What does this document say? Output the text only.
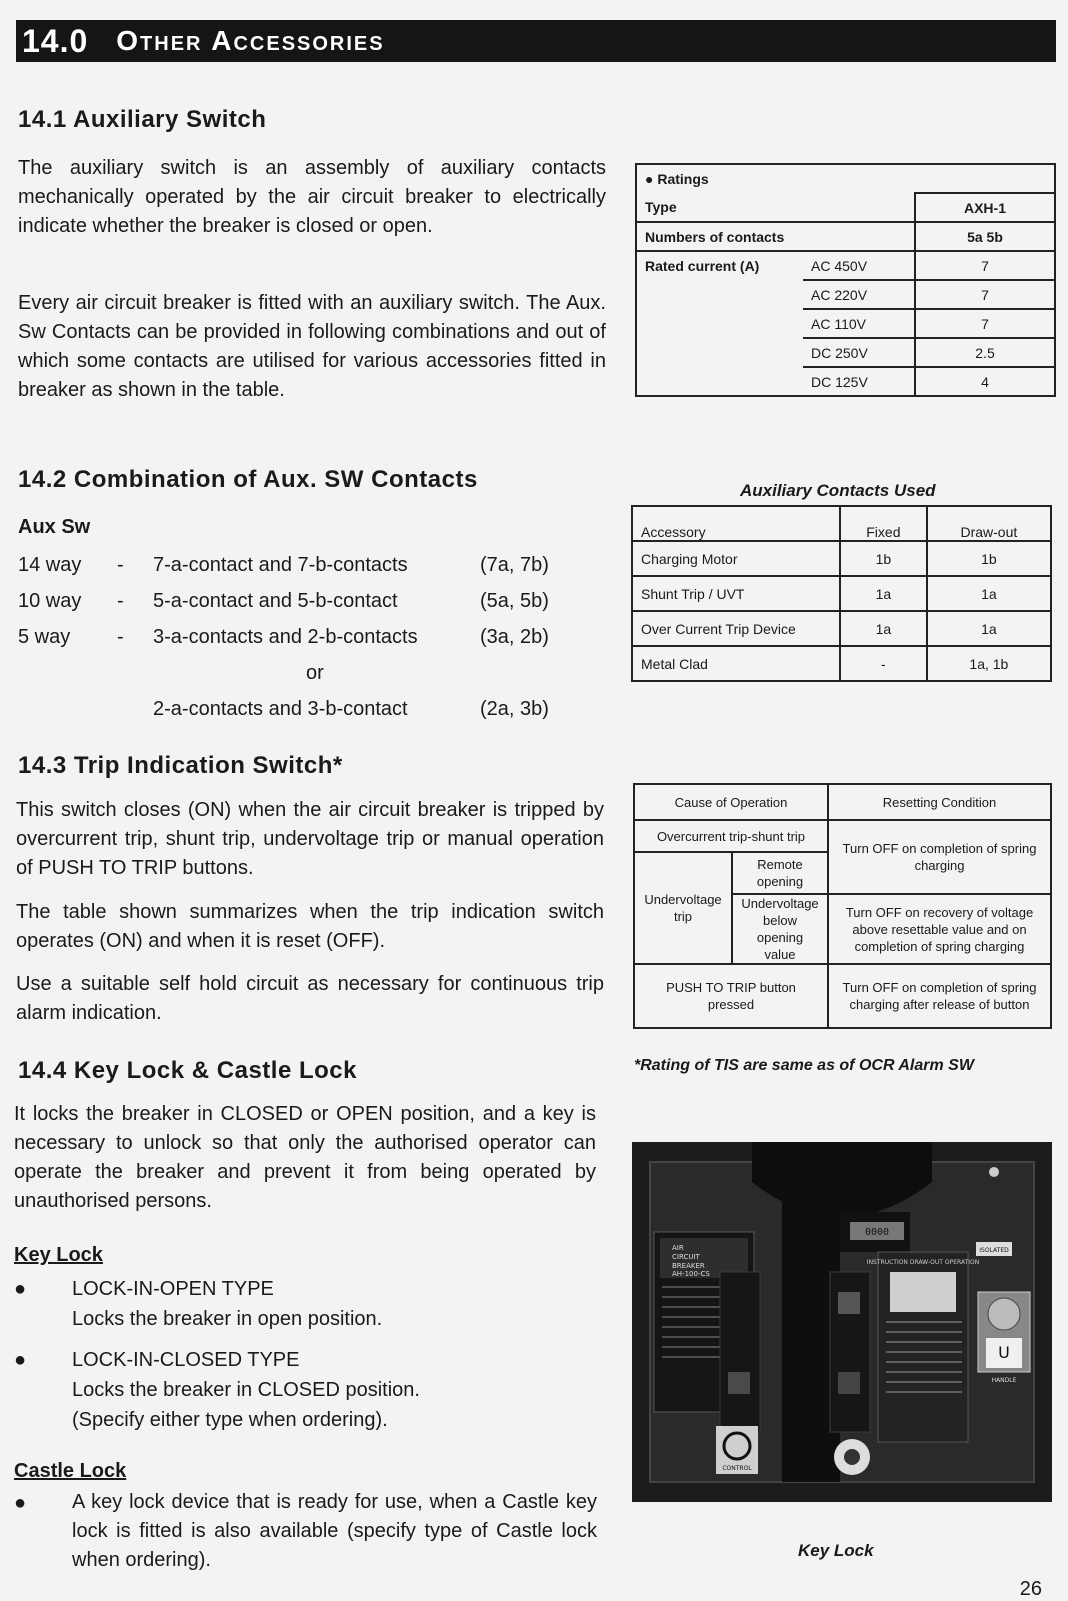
14.0 Other Accessories
14.1 Auxiliary Switch
The auxiliary switch is an assembly of auxiliary contacts mechanically operated by the air circuit breaker to electrically indicate whether the breaker is closed or open.
Every air circuit breaker is fitted with an auxiliary switch. The Aux. Sw Contacts can be provided in following combinations and out of which some contacts are utilised for various accessories fitted in breaker as shown in the table.
14.2 Combination of Aux. SW Contacts
Aux Sw
14 way - 7-a-contact and 7-b-contacts	(7a, 7b)
10 way - 5-a-contact and 5-b-contact	(5a, 5b)
5 way - 3-a-contacts and 2-b-contacts	(3a, 2b)
or
2-a-contacts and 3-b-contact	(2a, 3b)
14.3 Trip Indication Switch*
This switch closes (ON) when the air circuit breaker is tripped by overcurrent trip, shunt trip, undervoltage trip or manual operation of PUSH TO TRIP buttons.
The table shown summarizes when the trip indication switch operates (ON) and when it is reset (OFF).
Use a suitable self hold circuit as necessary for continuous trip alarm indication.
14.4 Key Lock & Castle Lock
It locks the breaker in CLOSED or OPEN position, and a key is necessary to unlock so that only the authorised operator can operate the breaker and prevent it from being operated by unauthorised persons.
Key Lock
● LOCK-IN-OPEN TYPE
Locks the breaker in open position.
● LOCK-IN-CLOSED TYPE
Locks the breaker in CLOSED position.
(Specify either type when ordering).
Castle Lock
● A key lock device that is ready for use, when a Castle key lock is fitted is also available (specify type of Castle lock when ordering).
● Ratings		
Type		AXH-1
Numbers of contacts		5a 5b
Rated current (A)	AC 450V	7
	AC 220V	7
	AC 110V	7
	DC 250V	2.5
	DC 125V	4
Auxiliary Contacts Used
Accessory	Fixed	Draw-out
Charging Motor	1b	1b
Shunt Trip / UVT	1a	1a
Over Current Trip Device	1a	1a
Metal Clad	-	1a, 1b
Cause of Operation		Resetting Condition
Overcurrent trip-shunt trip		Turn OFF on completion of spring charging
Undervoltage trip	Remote opening	
	Undervoltage below opening value	Turn OFF on recovery of voltage above resettable value and on completion of spring charging
PUSH TO TRIP button pressed		Turn OFF on completion of spring charging after release of button
*Rating of TIS are same as of OCR Alarm SW
0000
AIR
CIRCUIT
BREAKER
AH-100-CS
INSTRUCTION DRAW-OUT OPERATION
ISOLATED
U
HANDLE
CONTROL
Key Lock
26
